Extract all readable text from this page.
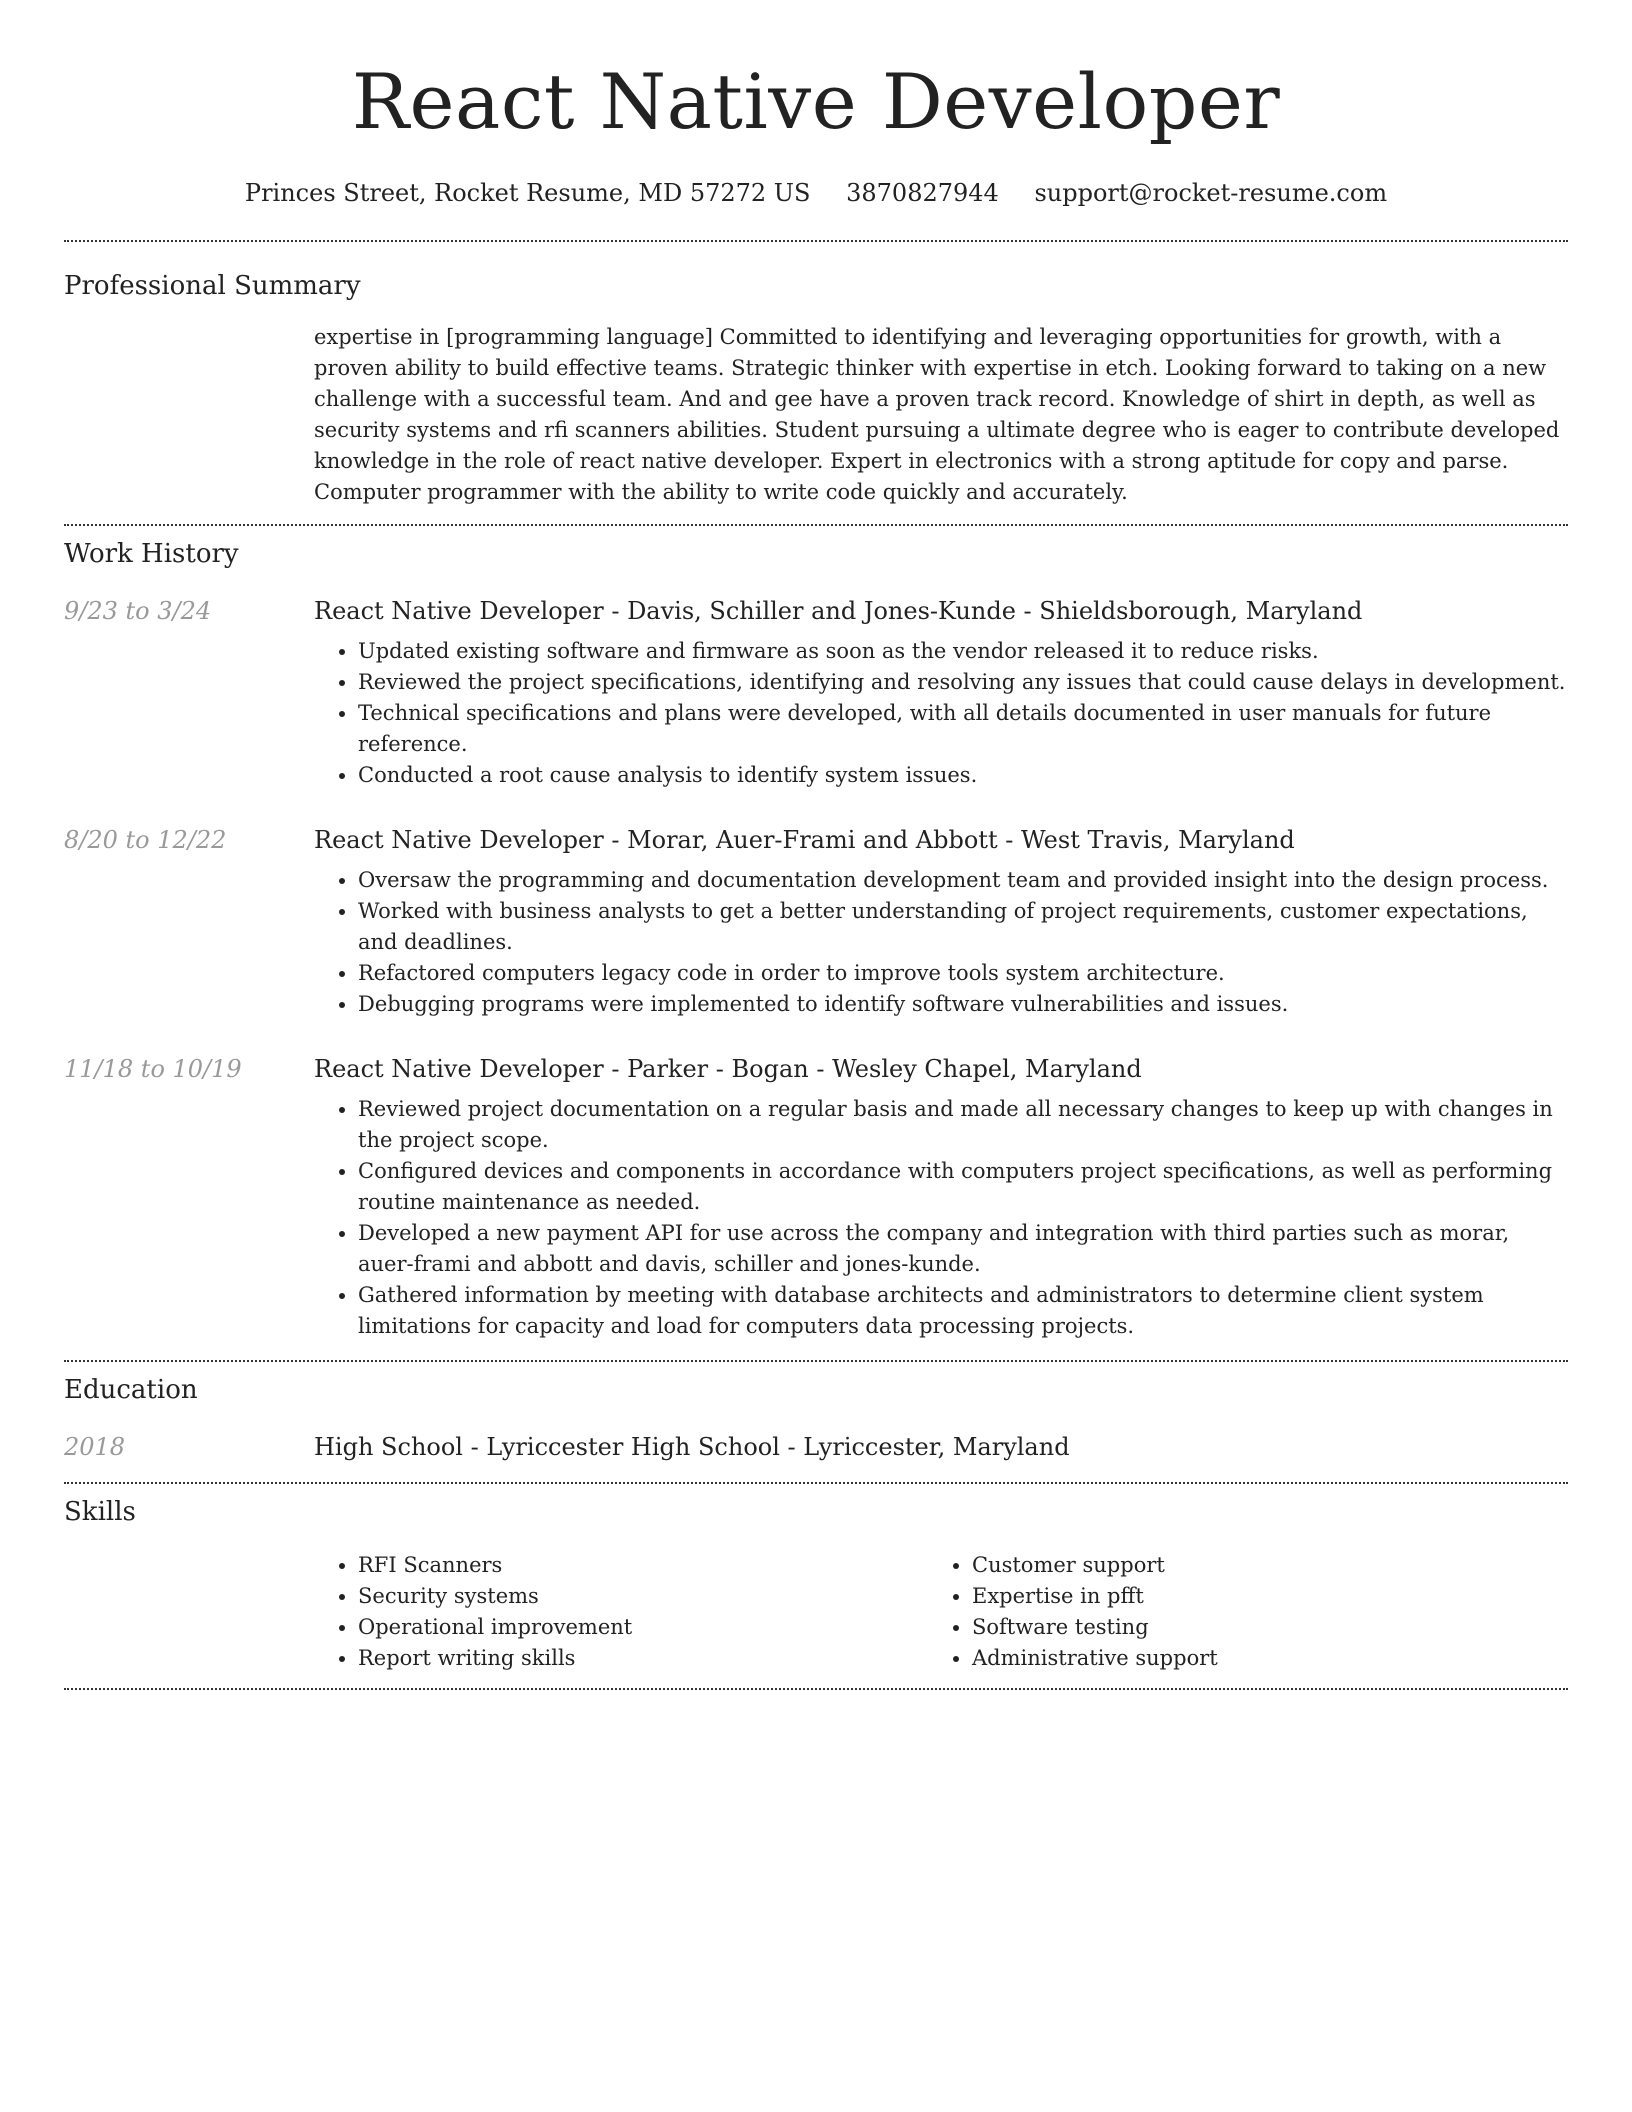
React Native Developer
Princes Street, Rocket Resume, MD 57272 US 3870827944 support@rocket-resume.com
Professional Summary

expertise in [programming language] Committed to identifying and leveraging opportunities for growth, with a proven ability to build effective teams. Strategic thinker with expertise in etch. Looking forward to taking on a new challenge with a successful team. And and gee have a proven track record. Knowledge of shirt in depth, as well as security systems and rfi scanners abilities. Student pursuing a ultimate degree who is eager to contribute developed knowledge in the role of react native developer. Expert in electronics with a strong aptitude for copy and parse. Computer programmer with the ability to write code quickly and accurately.

Work History
9/23 to 3/24	React Native Developer - Davis, Schiller and Jones-Kunde - Shieldsborough, Maryland

• Updated existing software and firmware as soon as the vendor released it to reduce risks.
• Reviewed the project specifications, identifying and resolving any issues that could cause delays in development.
• Technical specifications and plans were developed, with all details documented in user manuals for future reference.
• Conducted a root cause analysis to identify system issues.
8/20 to 12/22	React Native Developer - Morar, Auer-Frami and Abbott - West Travis, Maryland

• Oversaw the programming and documentation development team and provided insight into the design process.
• Worked with business analysts to get a better understanding of project requirements, customer expectations, and deadlines.
• Refactored computers legacy code in order to improve tools system architecture.
• Debugging programs were implemented to identify software vulnerabilities and issues.
11/18 to 10/19	React Native Developer - Parker - Bogan - Wesley Chapel, Maryland

• Reviewed project documentation on a regular basis and made all necessary changes to keep up with changes in the project scope.
• Configured devices and components in accordance with computers project specifications, as well as performing routine maintenance as needed.
• Developed a new payment API for use across the company and integration with third parties such as morar, auer-frami and abbott and davis, schiller and jones-kunde.
• Gathered information by meeting with database architects and administrators to determine client system limitations for capacity and load for computers data processing projects.
Education
2018	High School - Lyriccester High School - Lyriccester, Maryland

Skills
• RFI Scanners
• Security systems
• Operational improvement
• Report writing skills
• Customer support
• Expertise in pfft
• Software testing
• Administrative support
